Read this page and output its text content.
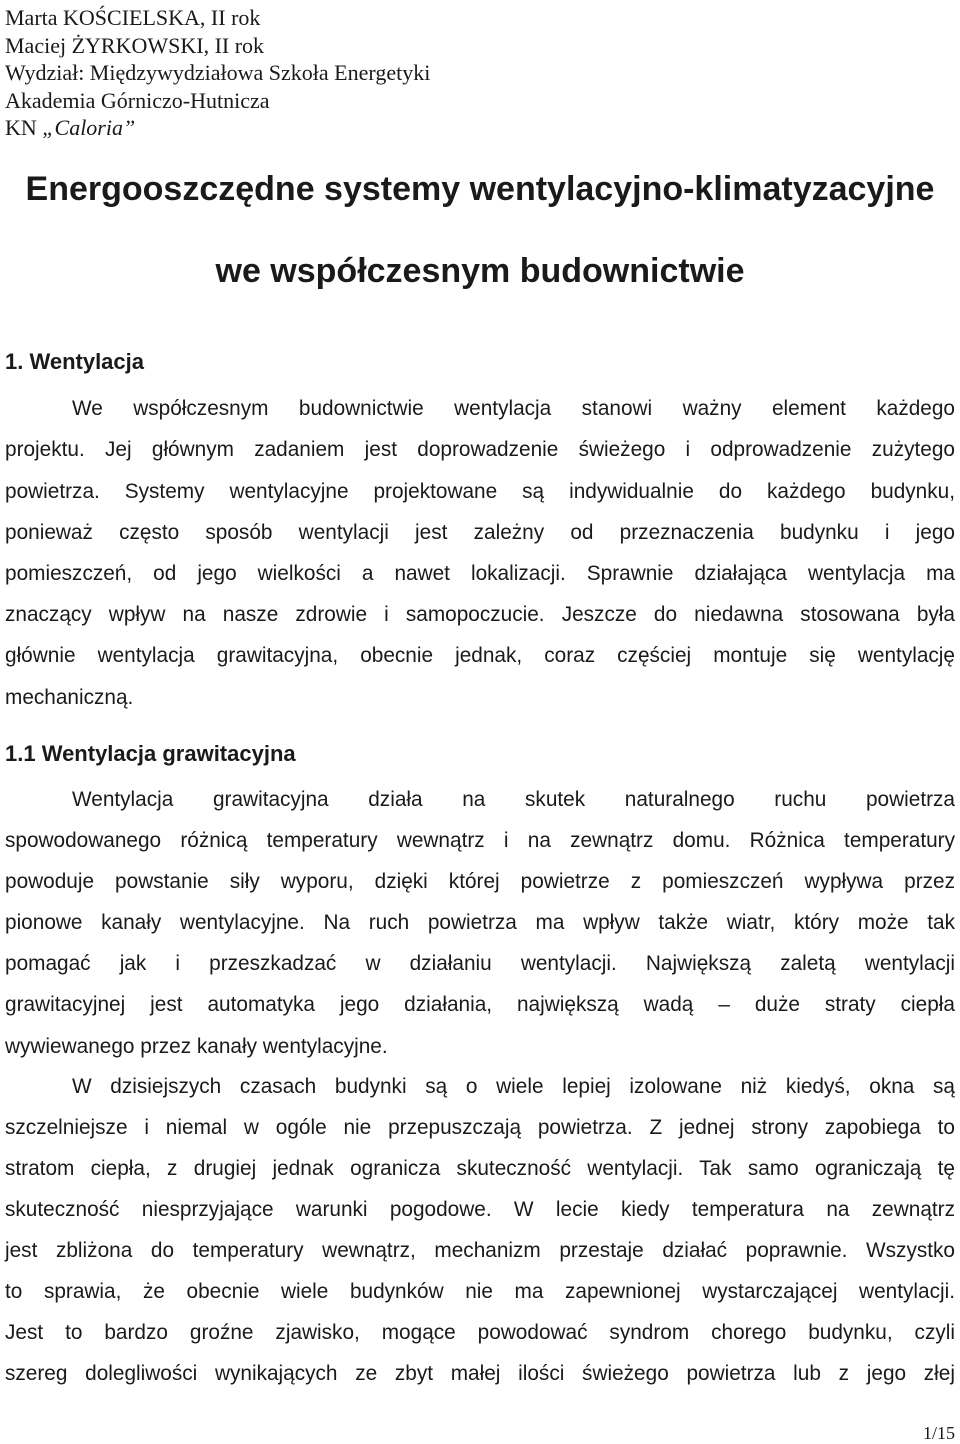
Marta KOŚCIELSKA, II rok
Maciej ŻYRKOWSKI, II rok
Wydział: Międzywydziałowa Szkoła Energetyki
Akademia Górniczo-Hutnicza
KN „Caloria”
Energooszczędne systemy wentylacyjno-klimatyzacyjne
we współczesnym budownictwie
1. Wentylacja
We współczesnym budownictwie wentylacja stanowi ważny element każdego
projektu. Jej głównym zadaniem jest doprowadzenie świeżego i odprowadzenie zużytego
powietrza. Systemy wentylacyjne projektowane są indywidualnie do każdego budynku,
ponieważ często sposób wentylacji jest zależny od przeznaczenia budynku i jego
pomieszczeń, od jego wielkości a nawet lokalizacji. Sprawnie działająca wentylacja ma
znaczący wpływ na nasze zdrowie i samopoczucie. Jeszcze do niedawna stosowana była
głównie wentylacja grawitacyjna, obecnie jednak, coraz częściej montuje się wentylację
mechaniczną.
1.1 Wentylacja grawitacyjna
Wentylacja grawitacyjna działa na skutek naturalnego ruchu powietrza
spowodowanego różnicą temperatury wewnątrz i na zewnątrz domu. Różnica temperatury
powoduje powstanie siły wyporu, dzięki której powietrze z pomieszczeń wypływa przez
pionowe kanały wentylacyjne. Na ruch powietrza ma wpływ także wiatr, który może tak
pomagać jak i przeszkadzać w działaniu wentylacji. Największą zaletą wentylacji
grawitacyjnej jest automatyka jego działania, największą wadą – duże straty ciepła
wywiewanego przez kanały wentylacyjne.
W dzisiejszych czasach budynki są o wiele lepiej izolowane niż kiedyś, okna są
szczelniejsze i niemal w ogóle nie przepuszczają powietrza. Z jednej strony zapobiega to
stratom ciepła, z drugiej jednak ogranicza skuteczność wentylacji. Tak samo ograniczają tę
skuteczność niesprzyjające warunki pogodowe. W lecie kiedy temperatura na zewnątrz
jest zbliżona do temperatury wewnątrz, mechanizm przestaje działać poprawnie. Wszystko
to sprawia, że obecnie wiele budynków nie ma zapewnionej wystarczającej wentylacji.
Jest to bardzo groźne zjawisko, mogące powodować syndrom chorego budynku, czyli
szereg dolegliwości wynikających ze zbyt małej ilości świeżego powietrza lub z jego złej
1/15
